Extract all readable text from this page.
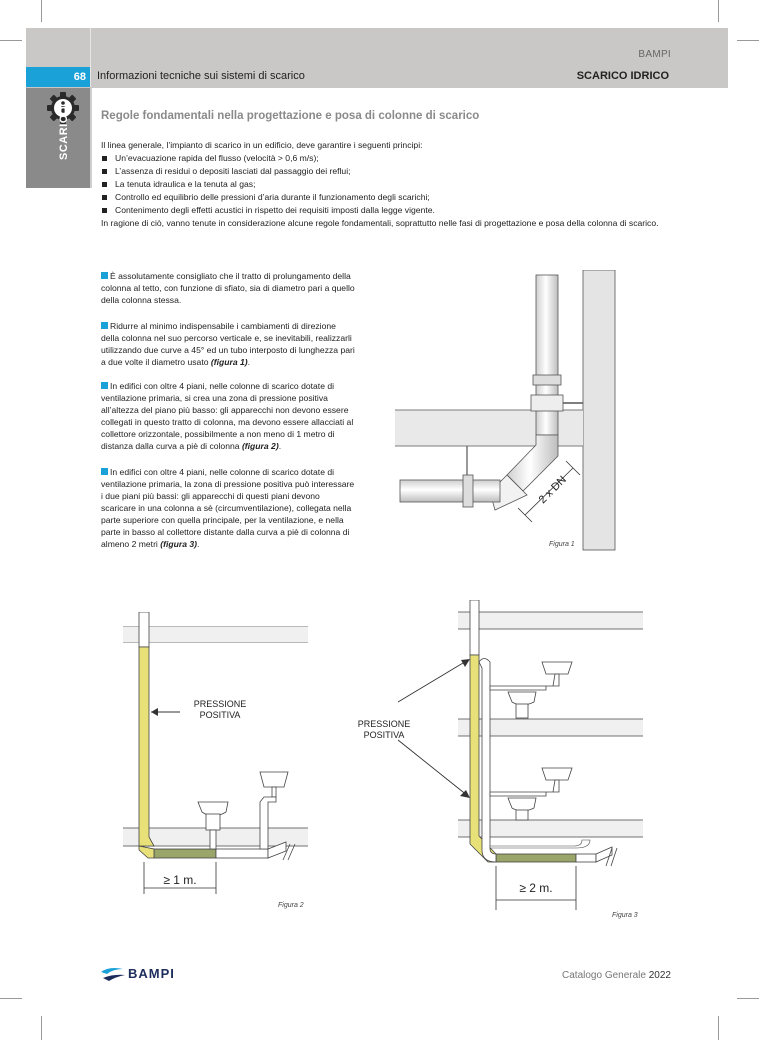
BAMPI
68 Informazioni tecniche sui sistemi di scarico	SCARICO IDRICO
SCARICO	Regole fondamentali nella progettazione e posa di colonne di scarico
Il linea generale, l’impianto di scarico in un edificio, deve garantire i seguenti principi:
Un’evacuazione rapida del flusso (velocità > 0,6 m/s);
L’assenza di residui o depositi lasciati dal passaggio dei reflui;
La tenuta idraulica e la tenuta al gas;
Controllo ed equilibrio delle pressioni d’aria durante il funzionamento degli scarichi;
Contenimento degli effetti acustici in rispetto dei requisiti imposti dalla legge vigente.
In ragione di ciò, vanno tenute in considerazione alcune regole fondamentali, soprattutto nelle fasi di progettazione e posa della colonna di scarico.
È assolutamente consigliato che il tratto di prolungamento della colonna al tetto, con funzione di sfiato, sia di diametro pari a quello della colonna stessa.
Ridurre al minimo indispensabile i cambiamenti di direzione della colonna nel suo percorso verticale e, se inevitabili, realizzarli utilizzando due curve a 45° ed un tubo interposto di lunghezza pari a due volte il diametro usato (figura 1).
In edifici con oltre 4 piani, nelle colonne di scarico dotate di ventilazione primaria, si crea una zona di pressione positiva all’altezza del piano più basso: gli apparecchi non devono essere collegati in questo tratto di colonna, ma devono essere allacciati al collettore orizzontale, possibilmente a non meno di 1 metro di distanza dalla curva a piè di colonna (figura 2).
In edifici con oltre 4 piani, nelle colonne di scarico dotate di ventilazione primaria, la zona di pressione positiva può interessare i due piani più bassi: gli apparecchi di questi piani devono scaricare in una colonna a sè (circumventilazione), collegata nella parte superiore con quella principale, per la ventilazione, e nella parte in basso al collettore distante dalla curva a piè di colonna di almeno 2 metri (figura 3).
2 x DN
Figura 1
PRESSIONE
POSITIVA
≥ 1 m.
Figura 2
PRESSIONE
POSITIVA
≥ 2 m.
Figura 3
BAMPI	Catalogo Generale 2022
